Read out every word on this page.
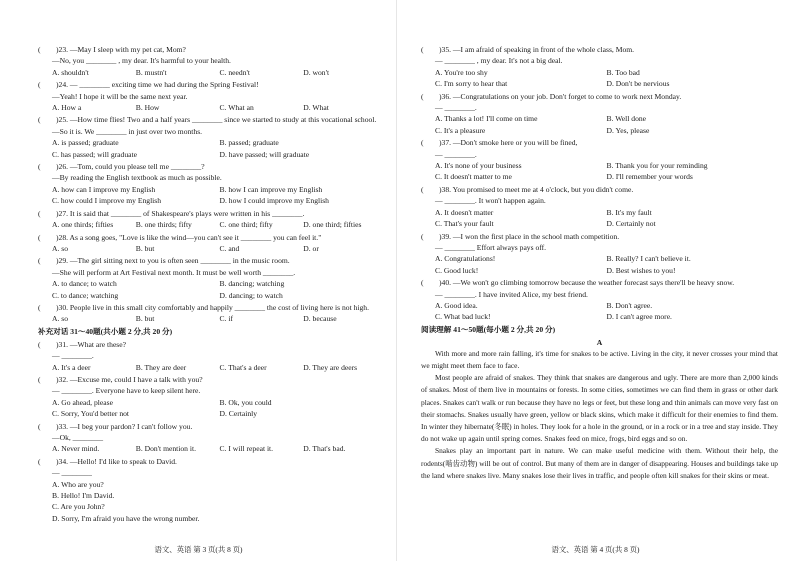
( )23. —May I sleep with my pet cat, Mom?
—No, you ________ , my dear. It's harmful to your health.
A. shouldn't	B. mustn't	C. needn't	D. won't
( )24. — ________ exciting time we had during the Spring Festival!
—Yeah! I hope it will be the same next year.
A. How a	B. How	C. What an	D. What
( )25. —How time flies! Two and a half years ________ since we started to study at this vocational school.
—So it is. We ________ in just over two months.
A. is passed; graduate	B. passed; graduate
C. has passed; will graduate	D. have passed; will graduate
( )26. —Tom, could you please tell me ________?
—By reading the English textbook as much as possible.
A. how can I improve my English	B. how I can improve my English
C. how could I improve my English	D. how I could improve my English
( )27. It is said that ________ of Shakespeare's plays were written in his ________.
A. one thirds; fifties	B. one thirds; fifty	C. one third; fifty	D. one third; fifties
( )28. As a song goes, "Love is like the wind—you can't see it ________ you can feel it."
A. so	B. but	C. and	D. or
( )29. —The girl sitting next to you is often seen ________ in the music room.
—She will perform at Art Festival next month. It must be well worth ________.
A. to dance; to watch	B. dancing; watching
C. to dance; watching	D. dancing; to watch
( )30. People live in this small city comfortably and happily ________ the cost of living here is not high.
A. so	B. but	C. if	D. because
补充对话 31～40题(共小题 2 分,共 20 分)
( )31. —What are these?
— ________.
A. It's a deer	B. They are deer	C. That's a deer	D. They are deers
( )32. —Excuse me, could I have a talk with you?
— ________. Everyone have to keep silent here.
A. Go ahead, please	B. Ok, you could
C. Sorry, You'd better not	D. Certainly
( )33. —I beg your pardon? I can't follow you.
—Ok, ________
A. Never mind.	B. Don't mention it.	C. I will repeat it.	D. That's bad.
( )34. —Hello! I'd like to speak to David.
— ________
A. Who are you?
B. Hello! I'm David.
C. Are you John?
D. Sorry, I'm afraid you have the wrong number.
语文、英语 第 3 页(共 8 页)
( )35. —I am afraid of speaking in front of the whole class, Mom.
— ________ , my dear. It's not a big deal.
A. You're too shy	B. Too bad
C. I'm sorry to hear that	D. Don't be nervious
( )36. —Congratulations on your job. Don't forget to come to work next Monday.
— ________.
A. Thanks a lot! I'll come on time	B. Well done
C. It's a pleasure	D. Yes, please
( )37. —Don't smoke here or you will be fined,
— ________.
A. It's none of your business	B. Thank you for your reminding
C. It doesn't matter to me	D. I'll remember your words
( )38. You promised to meet me at 4 o'clock, but you didn't come.
— ________. It won't happen again.
A. It doesn't matter	B. It's my fault
C. That's your fault	D. Certainly not
( )39. —I won the first place in the school math competition.
— ________ Effort always pays off.
A. Congratulations!	B. Really? I can't believe it.
C. Good luck!	D. Best wishes to you!
( )40. —We won't go climbing tomorrow because the weather forecast says there'll be heavy snow.
— ________. I have invited Alice, my best friend.
A. Good idea.	B. Don't agree.
C. What bad luck!	D. I can't agree more.
阅读理解 41～50题(每小题 2 分,共 20 分)
A

With more and more rain falling, it's time for snakes to be active. Living in the city, it never crosses your mind that we might meet them face to face.

Most people are afraid of snakes. They think that snakes are dangerous and ugly. There are more than 2,000 kinds of snakes. Most of them live in mountains or forests. In some cities, sometimes we can find them in grass or other dark places. Snakes can't walk or run because they have no legs or feet, but these long and thin animals can move very fast on their stomachs. Snakes usually have green, yellow or black skins, which make it difficult for their enemies to find them. In winter they hibernate(冬眠) in holes. They look for a hole in the ground, or in a rock or in a tree and stay inside. They do not wake up again until spring comes. Snakes feed on mice, frogs, bird eggs and so on.

Snakes play an important part in nature. We can make useful medicine with them. Without their help, the rodents(啮齿动物) will be out of control. But many of them are in danger of disappearing. Houses and buildings take up the land where snakes live. Many snakes lose their lives in traffic, and people often kill snakes for their skins or meat.

语文、英语 第 4 页(共 8 页)
